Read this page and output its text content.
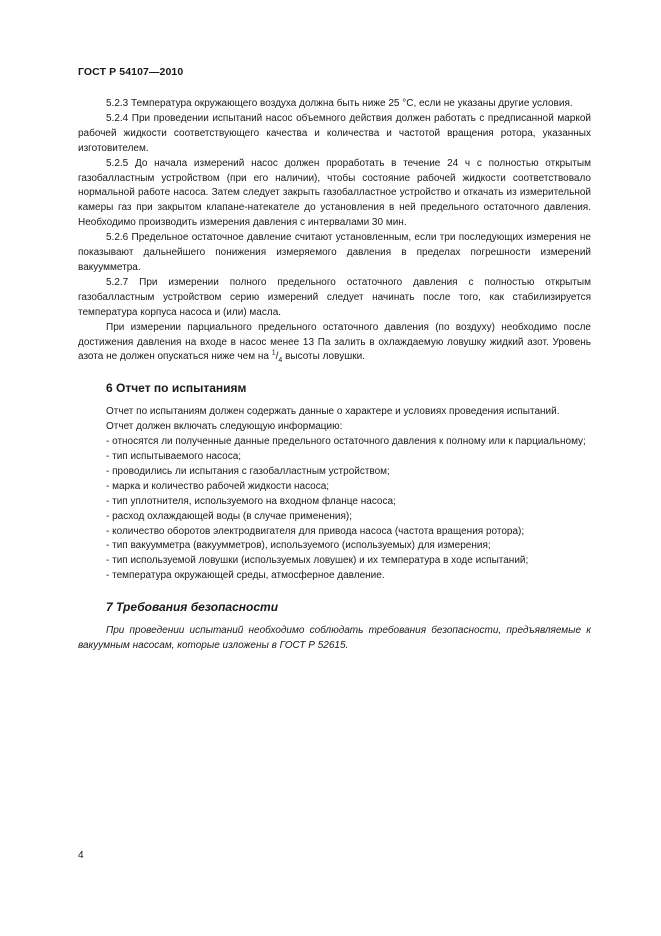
ГОСТ Р 54107—2010

5.2.3 Температура окружающего воздуха должна быть ниже 25 °С, если не указаны другие условия.

5.2.4 При проведении испытаний насос объемного действия должен работать с предписанной маркой рабочей жидкости соответствующего качества и количества и частотой вращения ротора, указанных изготовителем.

5.2.5 До начала измерений насос должен проработать в течение 24 ч с полностью открытым газобалластным устройством (при его наличии), чтобы состояние рабочей жидкости соответствовало нормальной работе насоса. Затем следует закрыть газобалластное устройство и откачать из измерительной камеры газ при закрытом клапане-натекателе до установления в ней предельного остаточного давления. Необходимо производить измерения давления с интервалами 30 мин.

5.2.6 Предельное остаточное давление считают установленным, если три последующих измерения не показывают дальнейшего понижения измеряемого давления в пределах погрешности измерений вакуумметра.

5.2.7 При измерении полного предельного остаточного давления с полностью открытым газобалластным устройством серию измерений следует начинать после того, как стабилизируется температура корпуса насоса и (или) масла.

При измерении парциального предельного остаточного давления (по воздуху) необходимо после достижения давления на входе в насос менее 13 Па залить в охлаждаемую ловушку жидкий азот. Уровень азота не должен опускаться ниже чем на $^1/_4$ высоты ловушки.

6 Отчет по испытаниям

Отчет по испытаниям должен содержать данные о характере и условиях проведения испытаний.

Отчет должен включать следующую информацию:

- относятся ли полученные данные предельного остаточного давления к полному или к парциальному;

- тип испытываемого насоса;

- проводились ли испытания с газобалластным устройством;

- марка и количество рабочей жидкости насоса;

- тип уплотнителя, используемого на входном фланце насоса;

- расход охлаждающей воды (в случае применения);

- количество оборотов электродвигателя для привода насоса (частота вращения ротора);

- тип вакуумметра (вакуумметров), используемого (используемых) для измерения;

- тип используемой ловушки (используемых ловушек) и их температура в ходе испытаний;

- температура окружающей среды, атмосферное давление.

7 Требования безопасности

При проведении испытаний необходимо соблюдать требования безопасности, предъявляемые к вакуумным насосам, которые изложены в ГОСТ Р 52615.

4
